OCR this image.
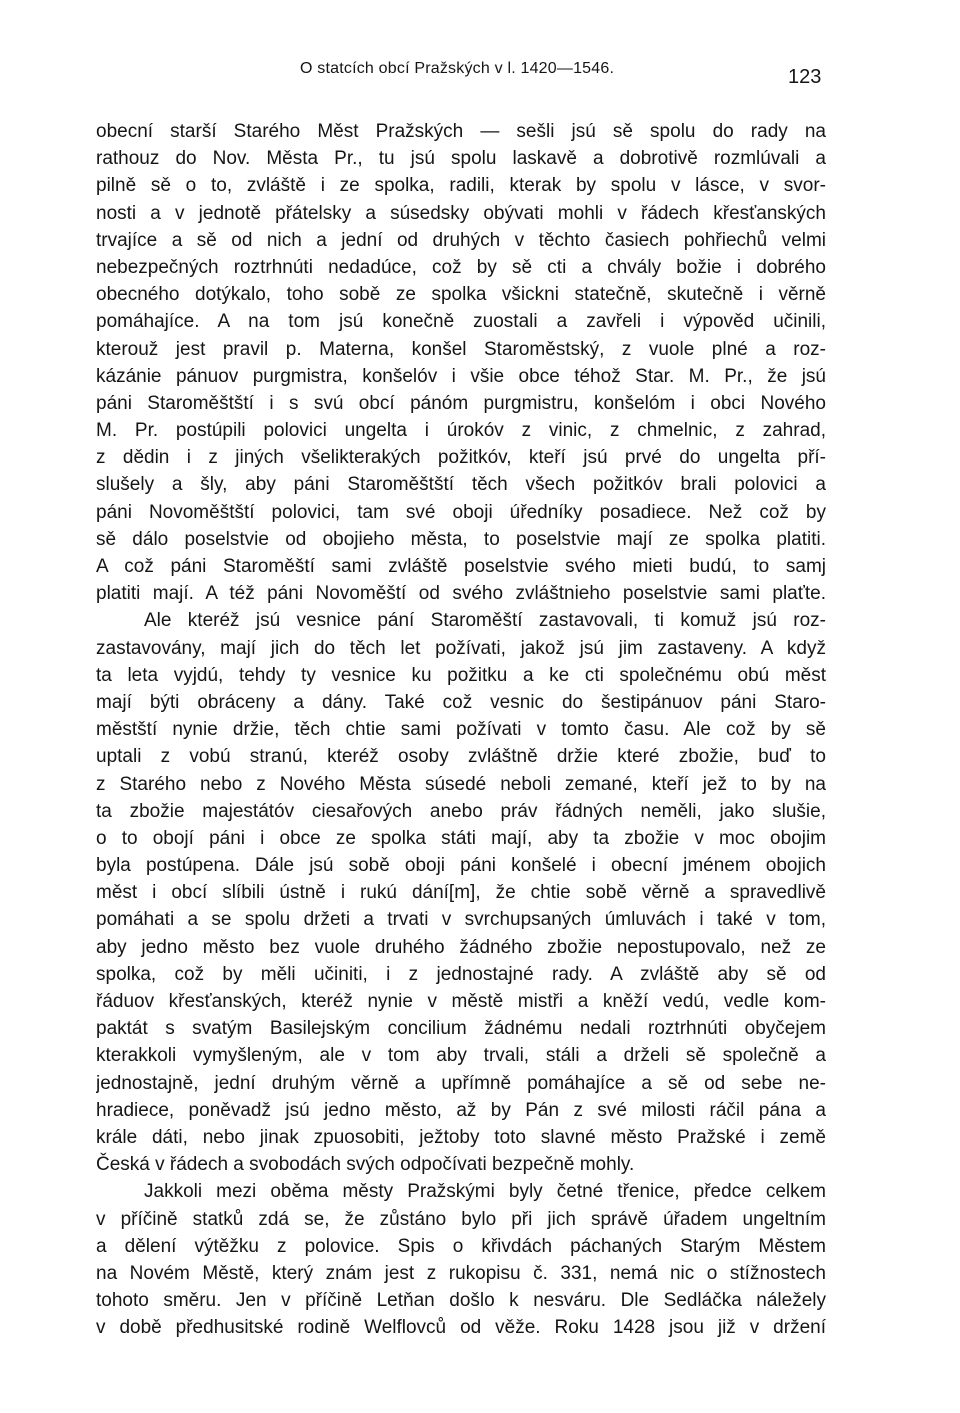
O statcích obcí Pražských v l. 1420—1546.	123
obecní starší Starého Měst Pražských — sešli jsú sě spolu do rady na
rathouz do Nov. Města Pr., tu jsú spolu laskavě a dobrotivě rozmlúvali a
pilně sě o to, zvláště i ze spolka, radili, kterak by spolu v lásce, v svor-
nosti a v jednotě přátelsky a súsedsky obývati mohli v řádech křesťanských
trvajíce a sě od nich a jední od druhých v těchto časiech pohřiechů velmi
nebezpečných roztrhnúti nedadúce, což by sě cti a chvály božie i dobrého
obecného dotýkalo, toho sobě ze spolka všickni statečně, skutečně i věrně
pomáhajíce. A na tom jsú konečně zuostali a zavřeli i výpověd učinili,
kterouž jest pravil p. Materna, konšel Staroměstský, z vuole plné a roz-
kázánie pánuov purgmistra, konšelóv i všie obce téhož Star. M. Pr., že jsú
páni Staroměštští i s svú obcí pánóm purgmistru, konšelóm i obci Nového
M. Pr. postúpili polovici ungelta i úrokóv z vinic, z chmelnic, z zahrad,
z dědin i z jiných všelikterakých požitkóv, kteří jsú prvé do ungelta pří-
slušely a šly, aby páni Staroměštští těch všech požitkóv brali polovici a
páni Novoměštští polovici, tam své oboji úředníky posadiece. Než což by
sě dálo poselstvie od obojieho města, to poselstvie mají ze spolka platiti.
A což páni Staroměští sami zvláště poselstvie svého mieti budú, to samj
platiti mají. A též páni Novoměští od svého zvláštnieho poselstvie sami plaťte.
Ale kteréž jsú vesnice pání Staroměští zastavovali, ti komuž jsú roz-
zastavovány, mají jich do těch let požívati, jakož jsú jim zastaveny. A když
ta leta vyjdú, tehdy ty vesnice ku požitku a ke cti společnému obú měst
mají býti obráceny a dány. Také což vesnic do šestipánuov páni Staro-
městští nynie držie, těch chtie sami požívati v tomto času. Ale což by sě
uptali z vobú stranú, kteréž osoby zvláštně držie které zbožie, buď to
z Starého nebo z Nového Města súsedé neboli zemané, kteří jež to by na
ta zbožie majestátóv ciesařových anebo práv řádných neměli, jako slušie,
o to obojí páni i obce ze spolka státi mají, aby ta zbožie v moc obojim
byla postúpena. Dále jsú sobě oboji páni konšelé i obecní jménem obojich
měst i obcí slíbili ústně i rukú dání[m], že chtie sobě věrně a spravedlivě
pomáhati a se spolu držeti a trvati v svrchupsaných úmluvách i také v tom,
aby jedno město bez vuole druhého žádného zbožie nepostupovalo, než ze
spolka, což by měli učiniti, i z jednostajné rady. A zvláště aby sě od
řáduov křesťanských, kteréž nynie v městě mistři a kněží vedú, vedle kom-
paktát s svatým Basilejským concilium žádnému nedali roztrhnúti obyčejem
kterakkoli vymyšleným, ale v tom aby trvali, stáli a drželi sě společně a
jednostajně, jední druhým věrně a upřímně pomáhajíce a sě od sebe ne-
hradiece, poněvadž jsú jedno město, až by Pán z své milosti ráčil pána a
krále dáti, nebo jinak zpuosobiti, ježtoby toto slavné město Pražské i země
Česká v řádech a svobodách svých odpočívati bezpečně mohly.
Jakkoli mezi oběma městy Pražskými byly četné třenice, předce celkem
v příčině statků zdá se, že zůstáno bylo při jich správě úřadem ungeltním
a dělení výtěžku z polovice. Spis o křivdách páchaných Starým Městem
na Novém Městě, který znám jest z rukopisu č. 331, nemá nic o stížnostech
tohoto směru. Jen v příčině Letňan došlo k nesváru. Dle Sedláčka náležely
v době předhusitské rodině Welflovců od věže. Roku 1428 jsou již v držení
